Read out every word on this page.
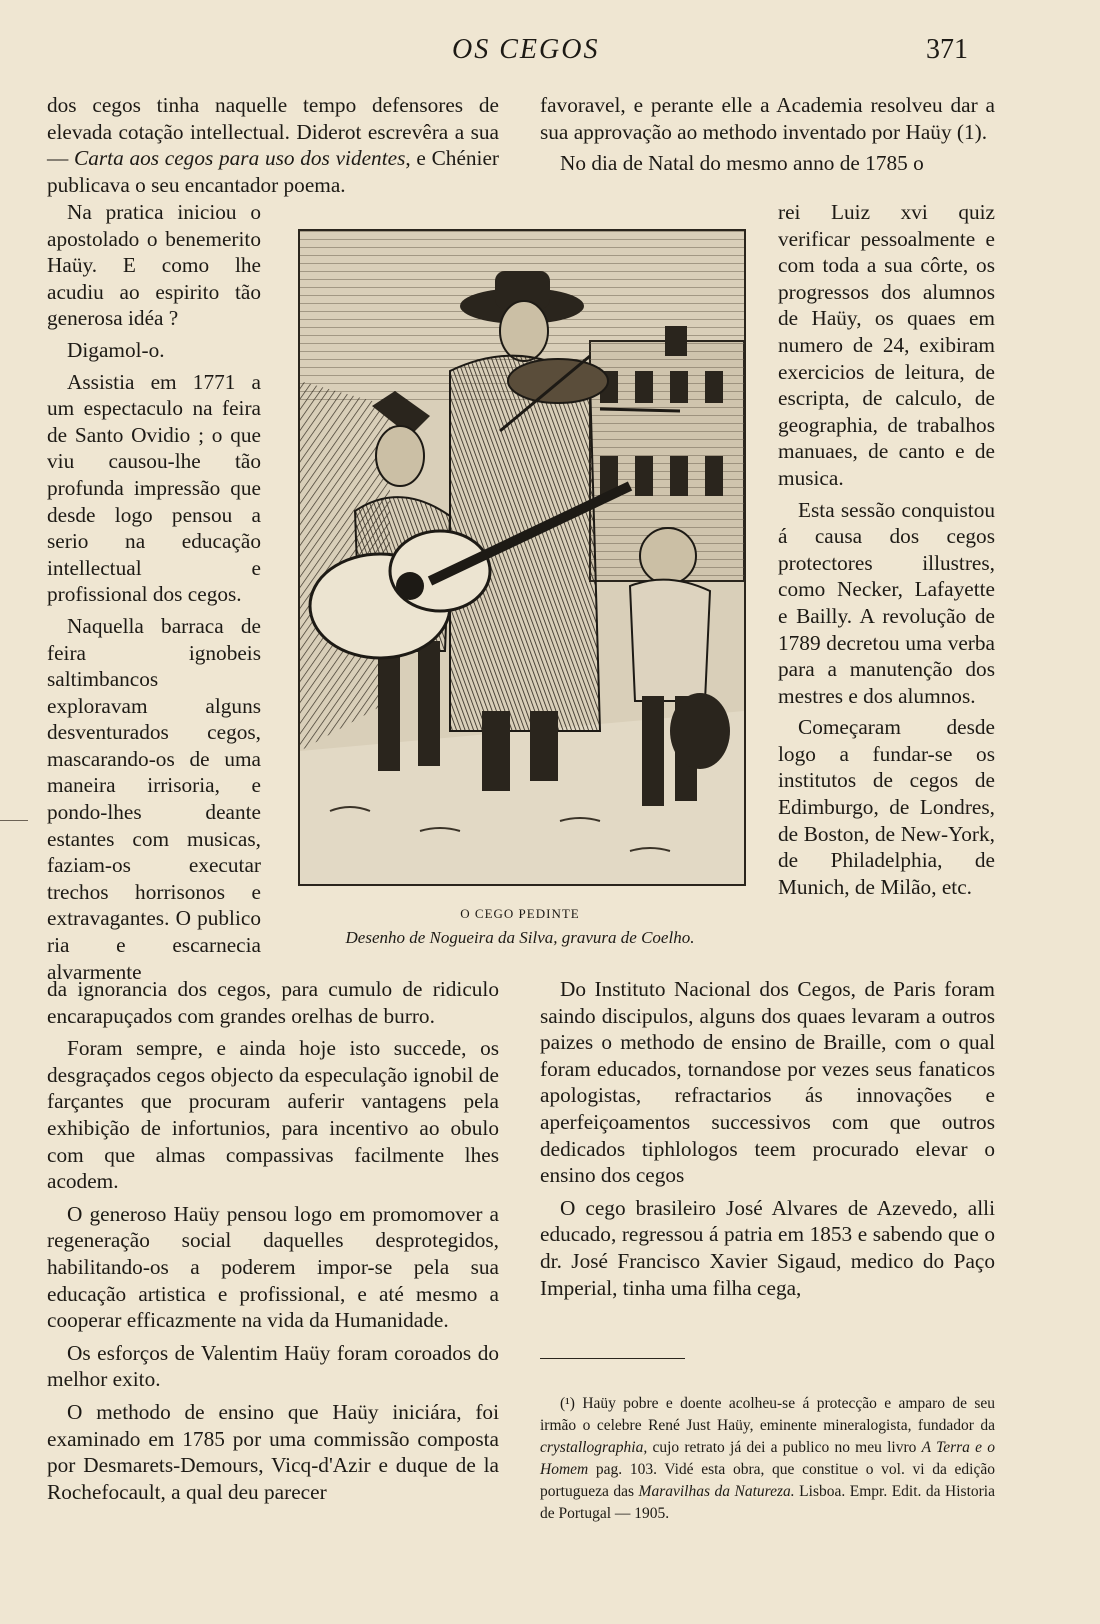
OS CEGOS	371

dos cegos tinha naquelle tempo defensores de elevada cotação intellectual. Diderot escrevêra a sua— Carta aos cegos para uso dos videntes, e Chénier publicava o seu encantador poema.

Na pratica iniciou o apostolado o benemerito Haüy. E como lhe acudiu ao espirito tão generosa idéa ?

Digamol-o.

Assistia em 1771 a um espectaculo na feira de Santo Ovidio ; o que viu causou-lhe tão profunda impressão que desde logo pensou a serio na educação intellectual e profissional dos cegos.

Naquella barraca de feira ignobeis saltimbancos exploravam alguns desventurados cegos, mascarando-os de uma maneira irrisoria, e pondo-lhes deante estantes com musicas, faziam-os executar trechos horrisonos e extravagantes. O publico ria e escarnecia alvarmente

O CEGO PEDINTE
Desenho de Nogueira da Silva, gravura de Coelho.

da ignorancia dos cegos, para cumulo de ridiculo encarapuçados com grandes orelhas de burro.

Foram sempre, e ainda hoje isto succede, os desgraçados cegos objecto da especulação ignobil de farçantes que procuram auferir vantagens pela exhibição de infortunios, para incentivo ao obulo com que almas compassivas facilmente lhes acodem.

O generoso Haüy pensou logo em promomover a regeneração social daquelles desprotegidos, habilitando-os a poderem impor-se pela sua educação artistica e profissional, e até mesmo a cooperar efficazmente na vida da Humanidade.

Os esforços de Valentim Haüy foram coroados do melhor exito.

O methodo de ensino que Haüy iniciára, foi examinado em 1785 por uma commissão composta por Desmarets-Demours, Vicq-d'Azir e duque de la Rochefocault, a qual deu parecer

favoravel, e perante elle a Academia resolveu dar a sua approvação ao methodo inventado por Haüy (1).

No dia de Natal do mesmo anno de 1785 o

rei Luiz xvi quiz verificar pessoalmente e com toda a sua côrte, os progressos dos alumnos de Haüy, os quaes em numero de 24, exibiram exercicios de leitura, de escripta, de calculo, de geographia, de trabalhos manuaes, de canto e de musica.

Esta sessão conquistou á causa dos cegos protectores illustres, como Necker, Lafayette e Bailly. A revolução de 1789 decretou uma verba para a manutenção dos mestres e dos alumnos.

Começaram desde logo a fundar-se os institutos de cegos de Edimburgo, de Londres, de Boston, de New-York, de Philadelphia, de Munich, de Milão, etc.

Do Instituto Nacional dos Cegos, de Paris foram saindo discipulos, alguns dos quaes levaram a outros paizes o methodo de ensino de Braille, com o qual foram educados, tornandose por vezes seus fanaticos apologistas, refractarios ás innovações e aperfeiçoamentos successivos com que outros dedicados tiphlologos teem procurado elevar o ensino dos cegos

O cego brasileiro José Alvares de Azevedo, alli educado, regressou á patria em 1853 e sabendo que o dr. José Francisco Xavier Sigaud, medico do Paço Imperial, tinha uma filha cega,

(¹) Haüy pobre e doente acolheu-se á protecção e amparo de seu irmão o celebre René Just Haüy, eminente mineralogista, fundador da crystallographia, cujo retrato já dei a publico no meu livro A Terra e o Homem pag. 103. Vidé esta obra, que constitue o vol. vi da edição portugueza das Maravilhas da Natureza. Lisboa. Empr. Edit. da Historia de Portugal — 1905.
